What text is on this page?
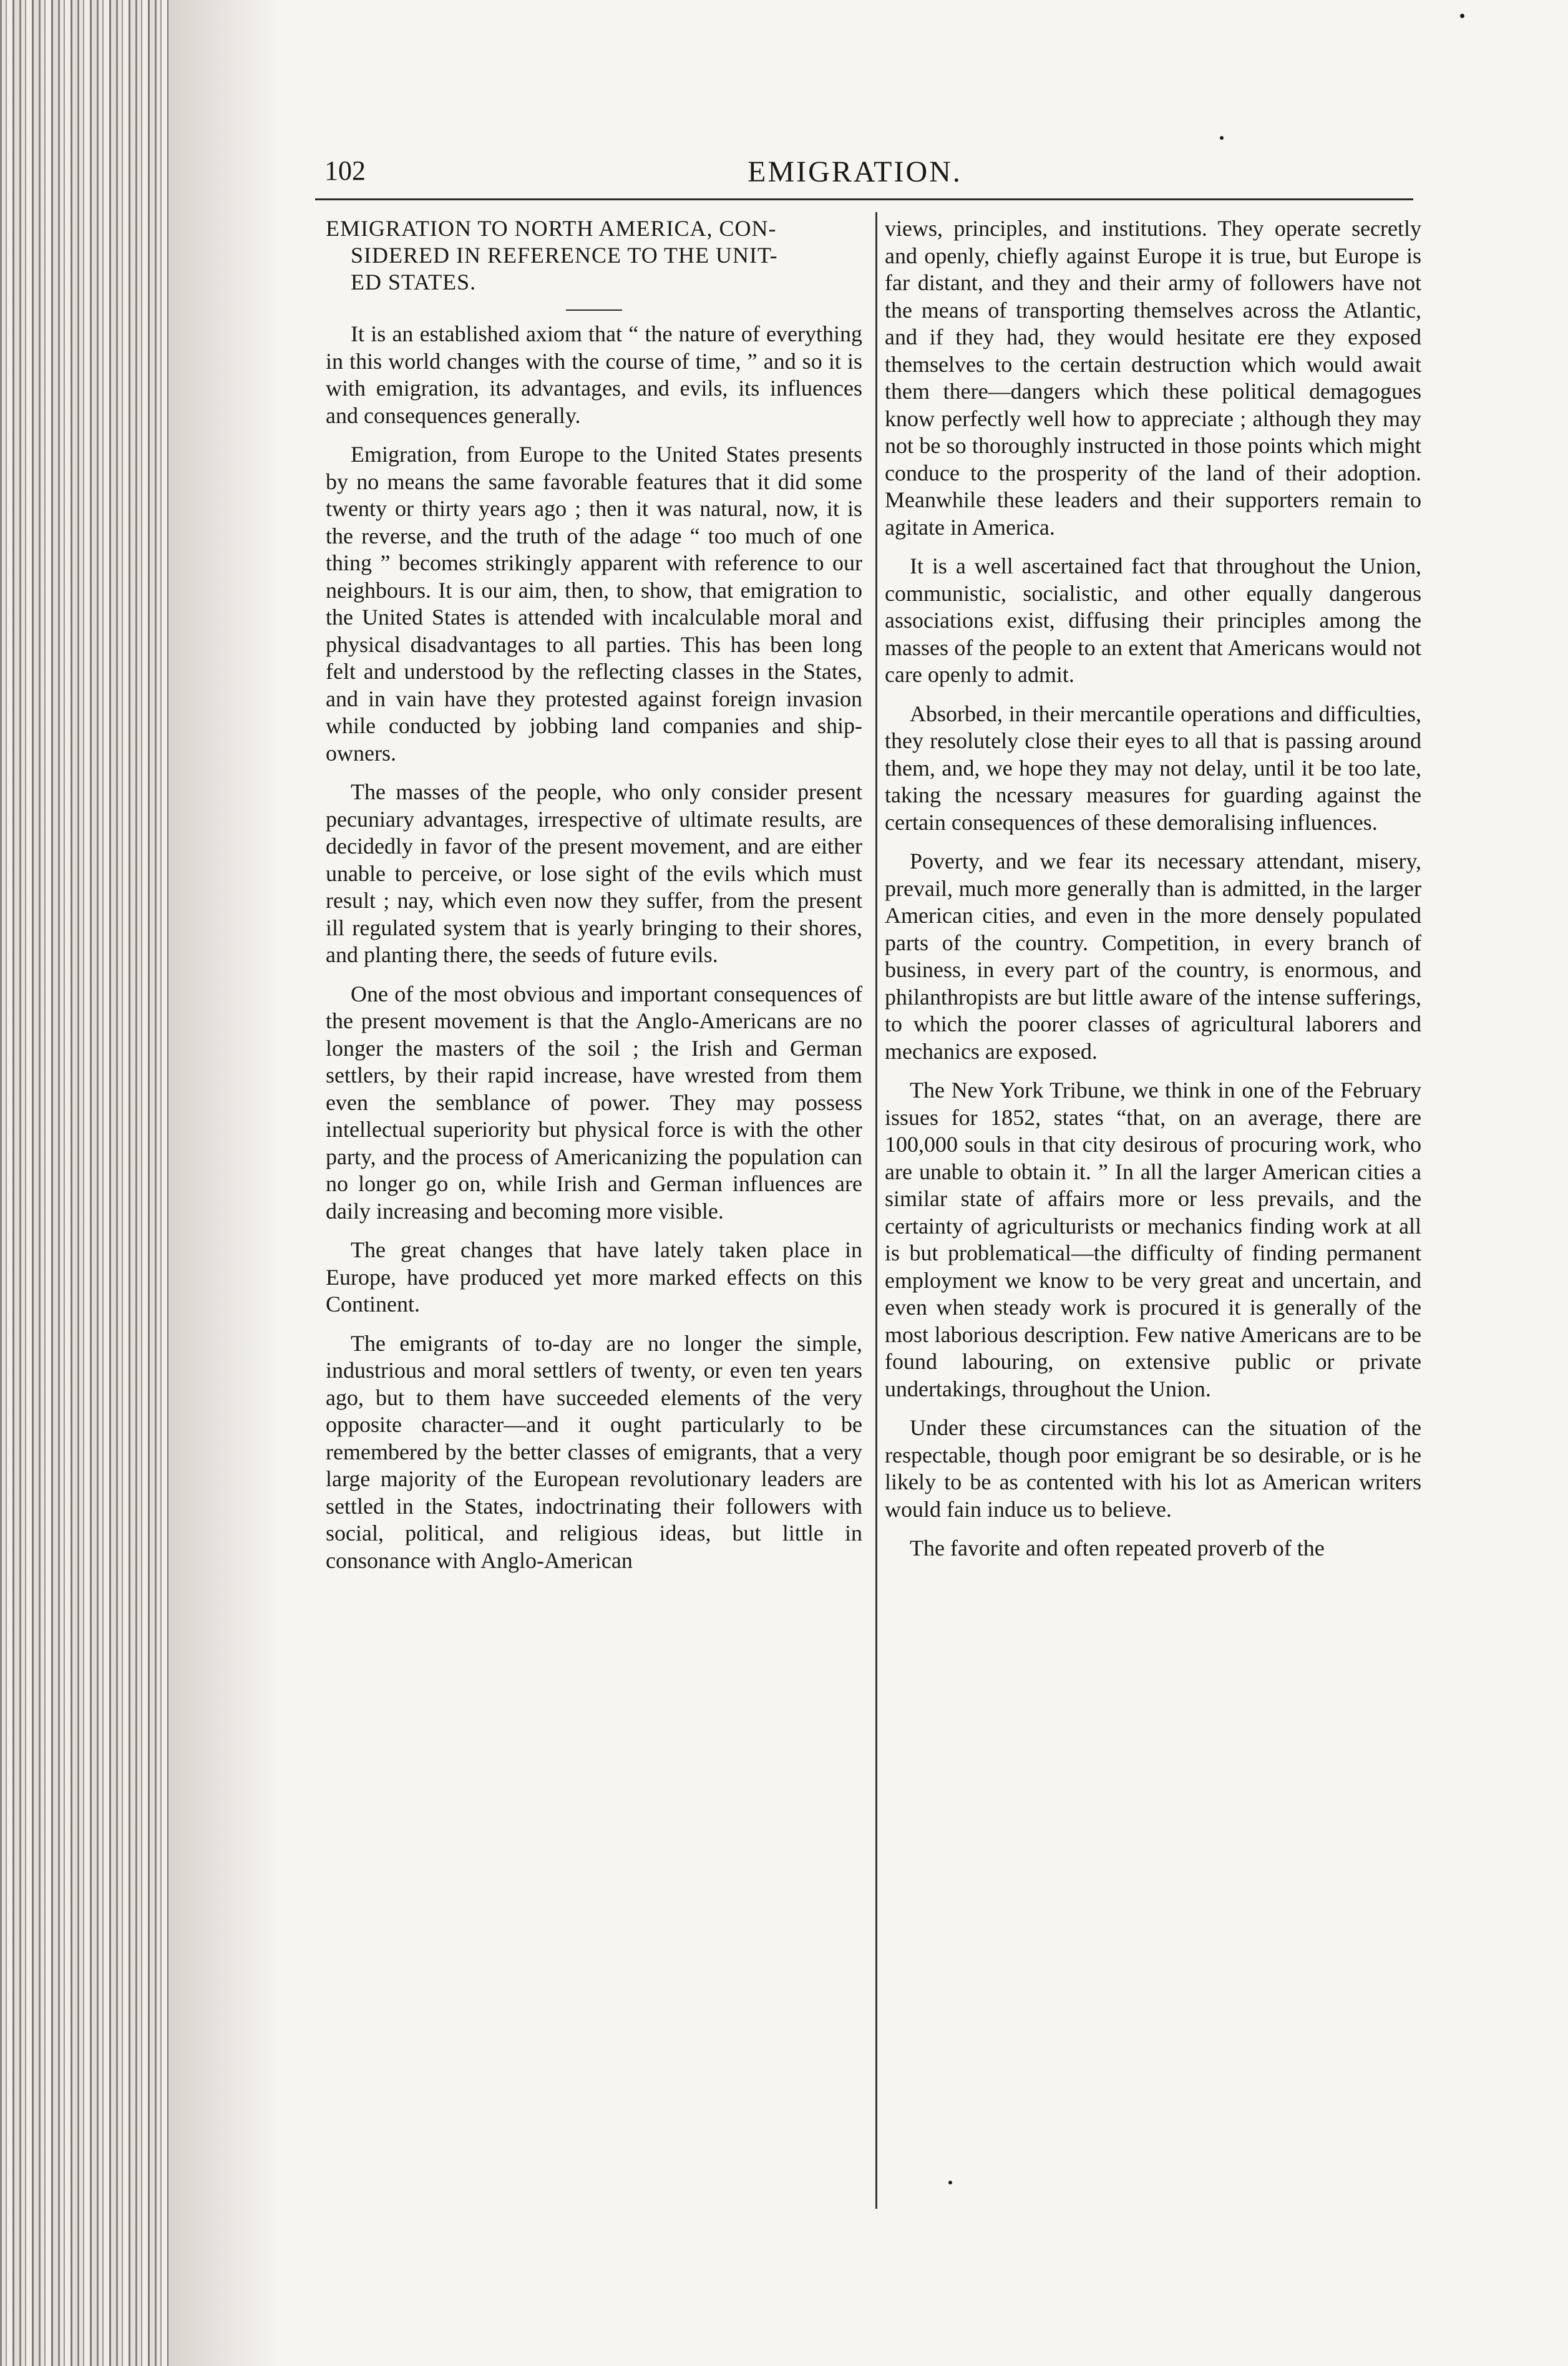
102	EMIGRATION.
EMIGRATION TO NORTH AMERICA, CON-
SIDERED IN REFERENCE TO THE UNIT-
ED STATES.

It is an established axiom that “ the nature of everything in this world changes with the course of time, ” and so it is with emigration, its advantages, and evils, its influences and consequences generally.

Emigration, from Europe to the United States presents by no means the same favorable features that it did some twenty or thirty years ago ; then it was natural, now, it is the reverse, and the truth of the adage “ too much of one thing ” becomes strikingly apparent with reference to our neighbours. It is our aim, then, to show, that emigration to the United States is attended with incalculable moral and physical disadvantages to all parties. This has been long felt and understood by the reflecting classes in the States, and in vain have they protested against foreign invasion while conducted by jobbing land companies and ship-owners.

The masses of the people, who only consider present pecuniary advantages, irrespective of ultimate results, are decidedly in favor of the present movement, and are either unable to perceive, or lose sight of the evils which must result ; nay, which even now they suffer, from the present ill regulated system that is yearly bringing to their shores, and planting there, the seeds of future evils.

One of the most obvious and important consequences of the present movement is that the Anglo-Americans are no longer the masters of the soil ; the Irish and German settlers, by their rapid increase, have wrested from them even the semblance of power. They may possess intellectual superiority but physical force is with the other party, and the process of Americanizing the population can no longer go on, while Irish and German influences are daily increasing and becoming more visible.

The great changes that have lately taken place in Europe, have produced yet more marked effects on this Continent.

The emigrants of to-day are no longer the simple, industrious and moral settlers of twenty, or even ten years ago, but to them have succeeded elements of the very opposite character—and it ought particularly to be remembered by the better classes of emigrants, that a very large majority of the European revolutionary leaders are settled in the States, indoctrinating their followers with social, political, and religious ideas, but little in consonance with Anglo-American

views, principles, and institutions. They operate secretly and openly, chiefly against Europe it is true, but Europe is far distant, and they and their army of followers have not the means of transporting themselves across the Atlantic, and if they had, they would hesitate ere they exposed themselves to the certain destruction which would await them there—dangers which these political demagogues know perfectly well how to appreciate ; although they may not be so thoroughly instructed in those points which might conduce to the prosperity of the land of their adoption. Meanwhile these leaders and their supporters remain to agitate in America.

It is a well ascertained fact that throughout the Union, communistic, socialistic, and other equally dangerous associations exist, diffusing their principles among the masses of the people to an extent that Americans would not care openly to admit.

Absorbed, in their mercantile operations and difficulties, they resolutely close their eyes to all that is passing around them, and, we hope they may not delay, until it be too late, taking the ncessary measures for guarding against the certain consequences of these demoralising influences.

Poverty, and we fear its necessary attendant, misery, prevail, much more generally than is admitted, in the larger American cities, and even in the more densely populated parts of the country. Competition, in every branch of business, in every part of the country, is enormous, and philanthropists are but little aware of the intense sufferings, to which the poorer classes of agricultural laborers and mechanics are exposed.

The New York Tribune, we think in one of the February issues for 1852, states “that, on an average, there are 100,000 souls in that city desirous of procuring work, who are unable to obtain it. ” In all the larger American cities a similar state of affairs more or less prevails, and the certainty of agriculturists or mechanics finding work at all is but problematical—the difficulty of finding permanent employment we know to be very great and uncertain, and even when steady work is procured it is generally of the most laborious description. Few native Americans are to be found labouring, on extensive public or private undertakings, throughout the Union.

Under these circumstances can the situation of the respectable, though poor emigrant be so desirable, or is he likely to be as contented with his lot as American writers would fain induce us to believe.

The favorite and often repeated proverb of the
